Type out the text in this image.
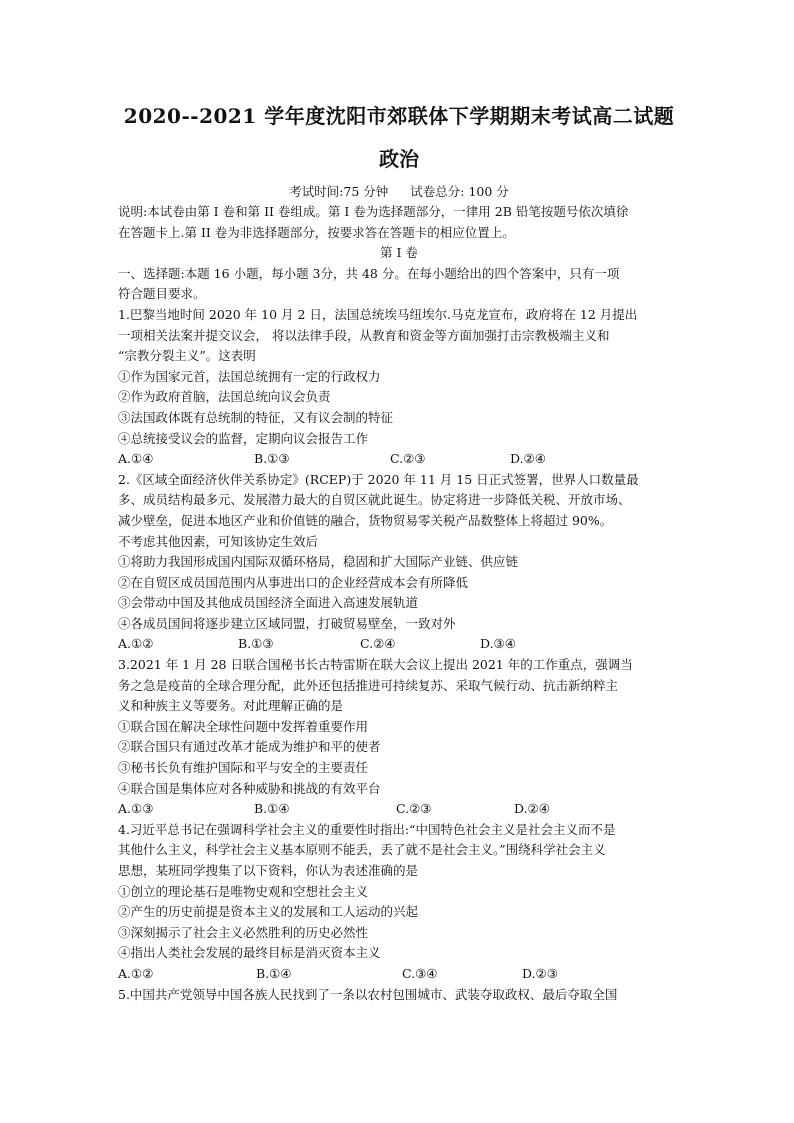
2020--2021 学年度沈阳市郊联体下学期期末考试高二试题
政治
考试时间:75 分钟 试卷总分: 100 分

说明:本试卷由第 I 卷和第 II 卷组成。第 I 卷为选择题部分，一律用 2B 铅笔按题号依次填徐

在答题卡上.第 II 卷为非选择题部分，按要求答在答题卡的相应位置上。

第 I 卷

一、选择题:本题 16 小题，每小题 3分，共 48 分。在每小题给出的四个答案中，只有一项

符合题目要求。

1.巴黎当地时间 2020 年 10 月 2 日，法国总统埃马纽埃尔.马克龙宣布，政府将在 12 月提出

一项相关法案并提交议会， 将以法律手段，从教育和资金等方面加强打击宗教极端主义和

“宗教分裂主义”。这表明

①作为国家元首，法国总统拥有一定的行政权力

②作为政府首脑，法国总统向议会负责

③法国政体既有总统制的特征，又有议会制的特征

④总统接受议会的监督，定期向议会报告工作

A.①④	B.①③	C.②③	D.②④

2.《区域全面经济伙伴关系协定》(RCEP)于 2020 年 11 月 15 日正式签署，世界人口数量最

多、成员结构最多元、发展潜力最大的自贸区就此诞生。协定将进一步降低关税、开放市场、

减少壁垒，促进本地区产业和价值链的融合，货物贸易零关税产品数整体上将超过 90%。

不考虑其他因素，可知该协定生效后

①将助力我国形成国内国际双循环格局，稳固和扩大国际产业链、供应链

②在自贸区成员国范围内从事进出口的企业经营成本会有所降低

③会带动中国及其他成员国经济全面进入高速发展轨道

④各成员国间将逐步建立区域同盟，打破贸易壁垒，一致对外

A.①②	B.①③	C.②④	D.③④

3.2021 年 1 月 28 日联合国秘书长古特雷斯在联大会议上提出 2021 年的工作重点，强调当

务之急是疫苗的全球合理分配，此外还包括推进可持续复苏、采取气候行动、抗击新纳粹主

义和种族主义等要务。对此理解正确的是

①联合国在解决全球性问题中发挥着重要作用

②联合国只有通过改革才能成为维护和平的使者

③秘书长负有维护国际和平与安全的主要责任

④联合国是集体应对各种威胁和挑战的有效平台

A.①③	B.①④	C.②③	D.②④

4.习近平总书记在强调科学社会主义的重要性时指出:“中国特色社会主义是社会主义而不是

其他什么主义，科学社会主义基本原则不能丢，丢了就不是社会主义。”围绕科学社会主义

思想，某班同学搜集了以下资料，你认为表述准确的是

①创立的理论基石是唯物史观和空想社会主义

②产生的历史前提是资本主义的发展和工人运动的兴起

③深刻揭示了社会主义必然胜利的历史必然性

④指出人类社会发展的最终目标是消灭资本主义

A.①②	B.①④	C.③④	D.②③

5.中国共产党领导中国各族人民找到了一条以农村包围城市、武装夺取政权、最后夺取全国
